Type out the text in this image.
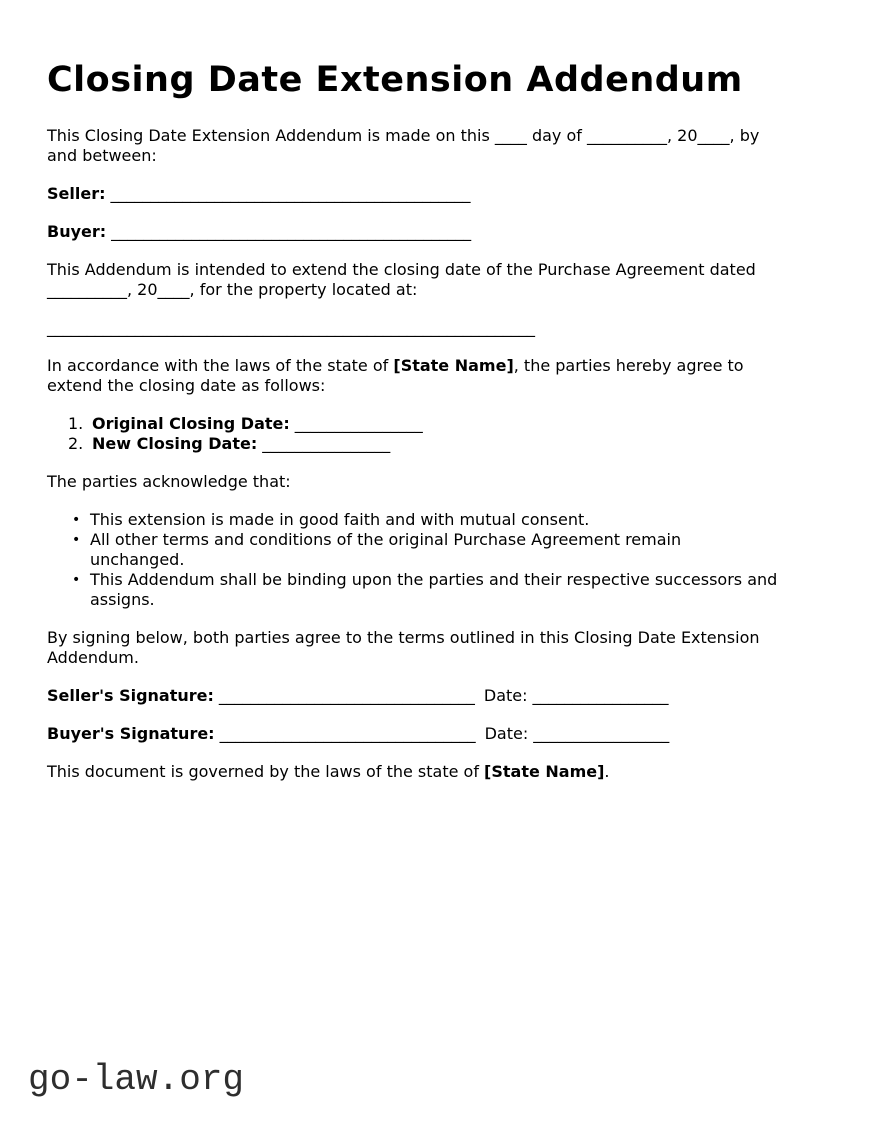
Closing Date Extension Addendum
This Closing Date Extension Addendum is made on this ____ day of __________, 20____, by
and between:
Seller: _____________________________________________
Buyer: _____________________________________________
This Addendum is intended to extend the closing date of the Purchase Agreement dated
__________, 20____, for the property located at:
_____________________________________________________________
In accordance with the laws of the state of [State Name], the parties hereby agree to
extend the closing date as follows:
1. Original Closing Date: ________________
2. New Closing Date: ________________
The parties acknowledge that:
• This extension is made in good faith and with mutual consent.
• All other terms and conditions of the original Purchase Agreement remain
unchanged.
• This Addendum shall be binding upon the parties and their respective successors and
assigns.
By signing below, both parties agree to the terms outlined in this Closing Date Extension
Addendum.
Seller's Signature: ________________________________ Date: _________________
Buyer's Signature: ________________________________ Date: _________________
This document is governed by the laws of the state of [State Name].
go-law.org
